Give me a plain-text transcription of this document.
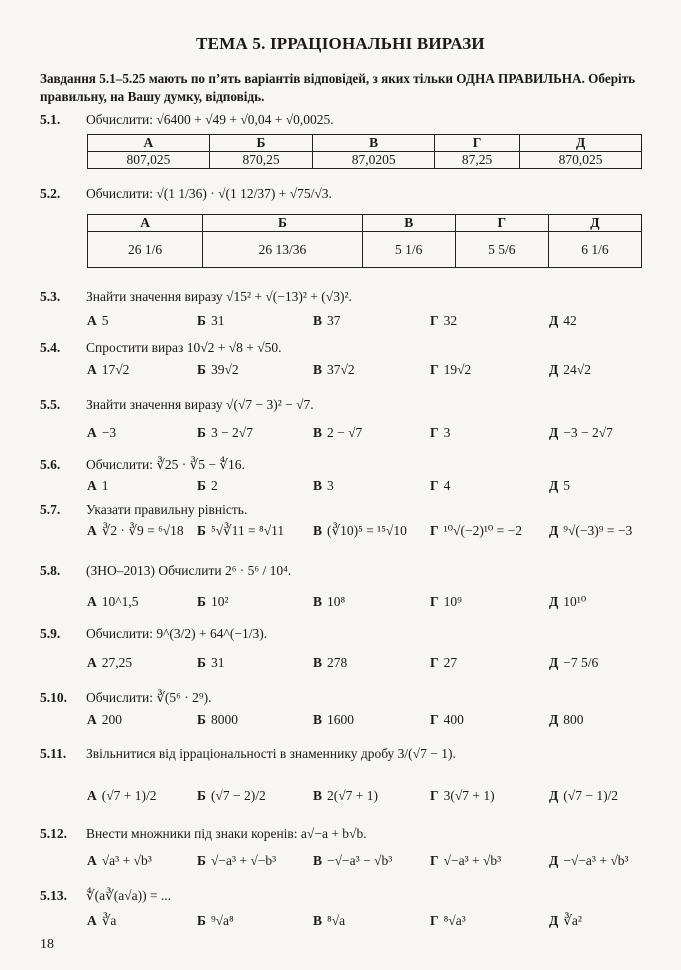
ТЕМА 5. ІРРАЦІОНАЛЬНІ ВИРАЗИ
Завдання 5.1–5.25 мають по п’ять варіантів відповідей, з яких тільки ОДНА ПРАВИЛЬНА. Оберіть правильну, на Вашу думку, відповідь.
5.1. Обчислити: √6400 + √49 + √0,04 + √0,0025.
А	Б	В	Г	Д
807,025	870,25	87,0205	87,25	870,025
5.2. Обчислити: √(1 1/36) · √(1 12/37) + √75/√3.
А	Б	В	Г	Д
26 1/6	26 13/36	5 1/6	5 5/6	6 1/6
5.3. Знайти значення виразу √15² + √(−13)² + (√3)².
А 5	Б 31	В 37	Г 32	Д 42
5.4. Спростити вираз 10√2 + √8 + √50.
А 17√2	Б 39√2	В 37√2	Г 19√2	Д 24√2
5.5. Знайти значення виразу √(√7 − 3)² − √7.
А −3	Б 3 − 2√7	В 2 − √7	Г 3	Д −3 − 2√7
5.6. Обчислити: ∛25 · ∛5 − ∜16.
А 1	Б 2	В 3	Г 4	Д 5
5.7. Указати правильну рівність.
А ∛2 · ∛9 = ⁶√18 Б ⁵√∛11 = ⁸√11 В (∛10)⁵ = ¹⁵√10 Г ¹⁰√(−2)¹⁰ = −2 Д ⁹√(−3)⁹ = −3
5.8. (ЗНО–2013) Обчислити 2⁶ · 5⁶ / 10⁴.
А 10^1,5	Б 10²	В 10⁸	Г 10⁹	Д 10¹⁰
5.9. Обчислити: 9^(3/2) + 64^(−1/3).
А 27,25	Б 31	В 278	Г 27	Д −7 5/6
5.10. Обчислити: ∛(5⁶ · 2⁹).
А 200	Б 8000	В 1600	Г 400	Д 800
5.11. Звільнитися від ірраціональності в знаменнику дробу 3/(√7 − 1).
А (√7 + 1)/2	Б (√7 − 2)/2	В 2(√7 + 1)	Г 3(√7 + 1)	Д (√7 − 1)/2
5.12. Внести множники під знаки коренів: a√−a + b√b.
А √a³ + √b³	Б √−a³ + √−b³	В −√−a³ − √b³	Г √−a³ + √b³	Д −√−a³ + √b³
5.13. ∜(a∛(a√a)) = ...
А ∛a	Б ⁹√a⁸	В ⁸√a	Г ⁸√a³	Д ∛a²
18
